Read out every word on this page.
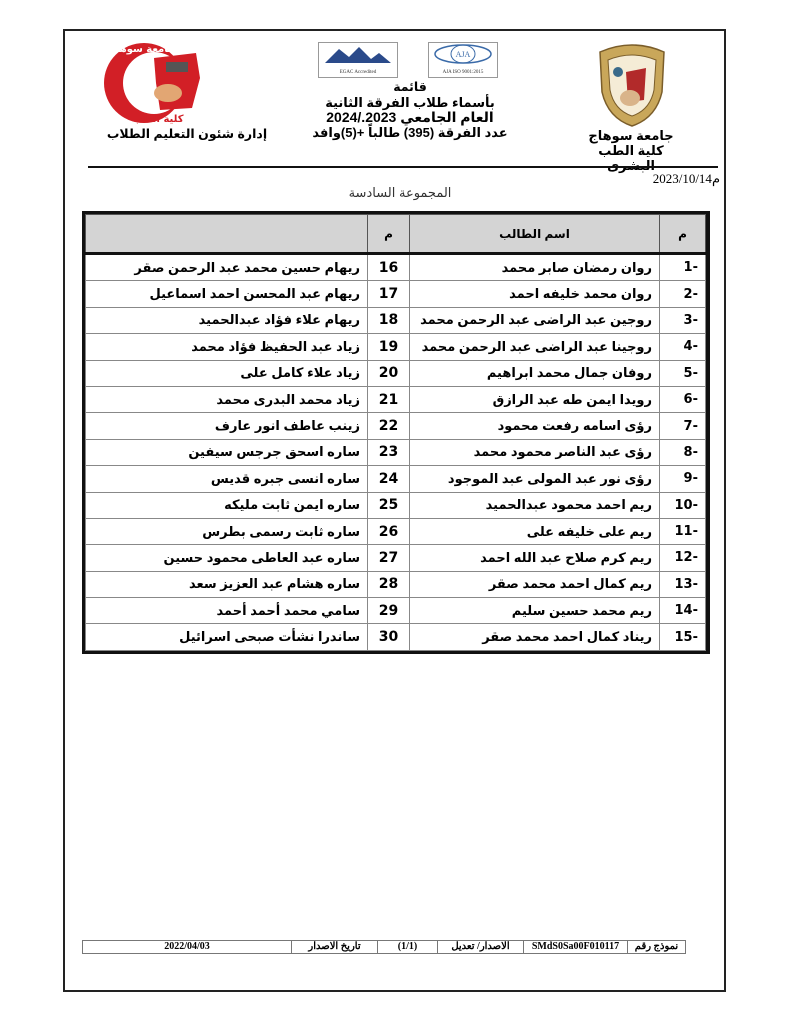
جامعة سوهاج
كلية الطب
إدارة شئون التعليم الطلاب
EGAC Accredited
AJA
AJA ISO 9001:2015
قائمة
بأسماء طلاب الفرقة الثانية
العام الجامعي 2023./2024
عدد الفرقة (395) طالباً +(5)وافد	جامعة سوهاج
كلية الطب
2023/10/14م
المجموعة السادسة
م	اسم الطالب	م	
-1	روان رمضان صابر محمد	16	ريهام حسين محمد عبد الرحمن صقر
-2	روان محمد خليفه احمد	17	ريهام عبد المحسن احمد اسماعيل
-3	روجين عبد الراضى عبد الرحمن محمد	18	ريهام علاء فؤاد عبدالحميد
-4	روجينا عبد الراضى عبد الرحمن محمد	19	زياد عبد الحفيظ فؤاد محمد
-5	روفان جمال محمد ابراهيم	20	زياد علاء كامل على
-6	رويدا ايمن طه عبد الرازق	21	زياد محمد البدرى محمد
-7	رؤى اسامه رفعت محمود	22	زينب عاطف انور عارف
-8	رؤى عبد الناصر محمود محمد	23	ساره اسحق جرجس سيفين
-9	رؤى نور عبد المولى عبد الموجود	24	ساره انسى جبره قديس
-10	ريم احمد محمود عبدالحميد	25	ساره ايمن ثابت مليكه
-11	ريم على خليفه على	26	ساره ثابت رسمى بطرس
-12	ريم كرم صلاح عبد الله احمد	27	ساره عبد العاطى محمود حسين
-13	ريم كمال احمد محمد صقر	28	ساره هشام عبد العزيز سعد
-14	ريم محمد حسين سليم	29	سامي محمد أحمد أحمد
-15	ريناد كمال احمد محمد صقر	30	ساندرا نشأت صبحى اسرائيل
نموذج رقم
SMdS0Sa00F010117
الاصدار/ تعديل
(1/1)
تاريخ الاصدار
2022/04/03
